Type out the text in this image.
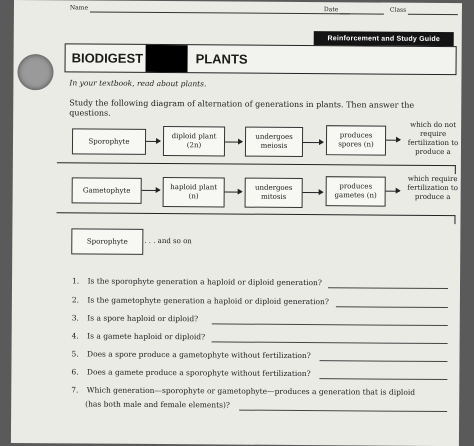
Name	Date	Class
Reinforcement and Study Guide
BIODIGEST	PLANTS
In your textbook, read about plants.
Study the following diagram of alternation of generations in plants. Then answer the questions.
Sporophyte
diploid plant
(2n)
undergoes
meiosis
produces
spores (n)
which do not require fertilization to produce a
Gametophyte	haploid plant
(n)
undergoes
mitosis
produces
gametes (n)
which require fertilization to produce a
Sporophyte . . . and so on
1. Is the sporophyte generation a haploid or diploid generation?
2. Is the gametophyte generation a haploid or diploid generation?
3. Is a spore haploid or diploid?
4. Is a gamete haploid or diploid?
5. Does a spore produce a gametophyte without fertilization?
6. Does a gamete produce a sporophyte without fertilization?
7. Which generation—sporophyte or gametophyte—produces a generation that is diploid
(has both male and female elements)?
